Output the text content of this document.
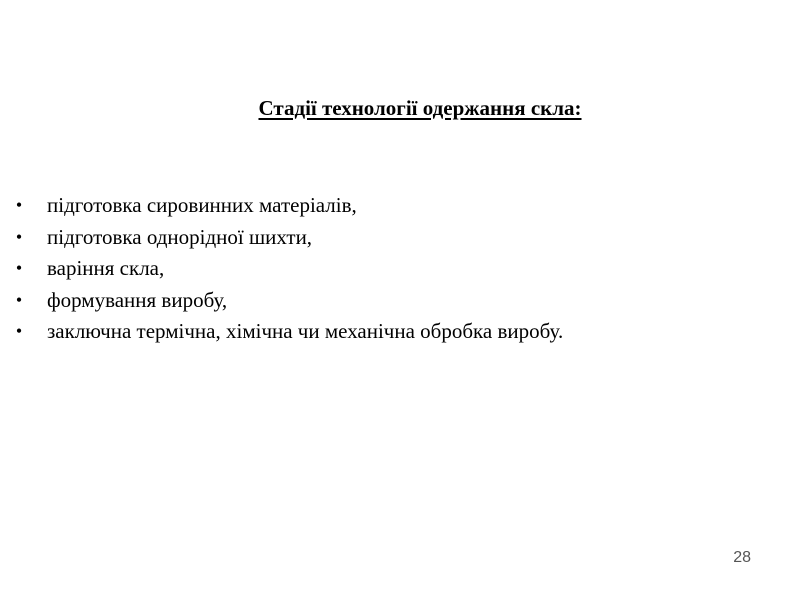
Стадії технології одержання скла:
• підготовка сировинних матеріалів,
• підготовка однорідної шихти,
• варіння скла,
• формування виробу,
• заключна термічна, хімічна чи механічна обробка виробу.
28
